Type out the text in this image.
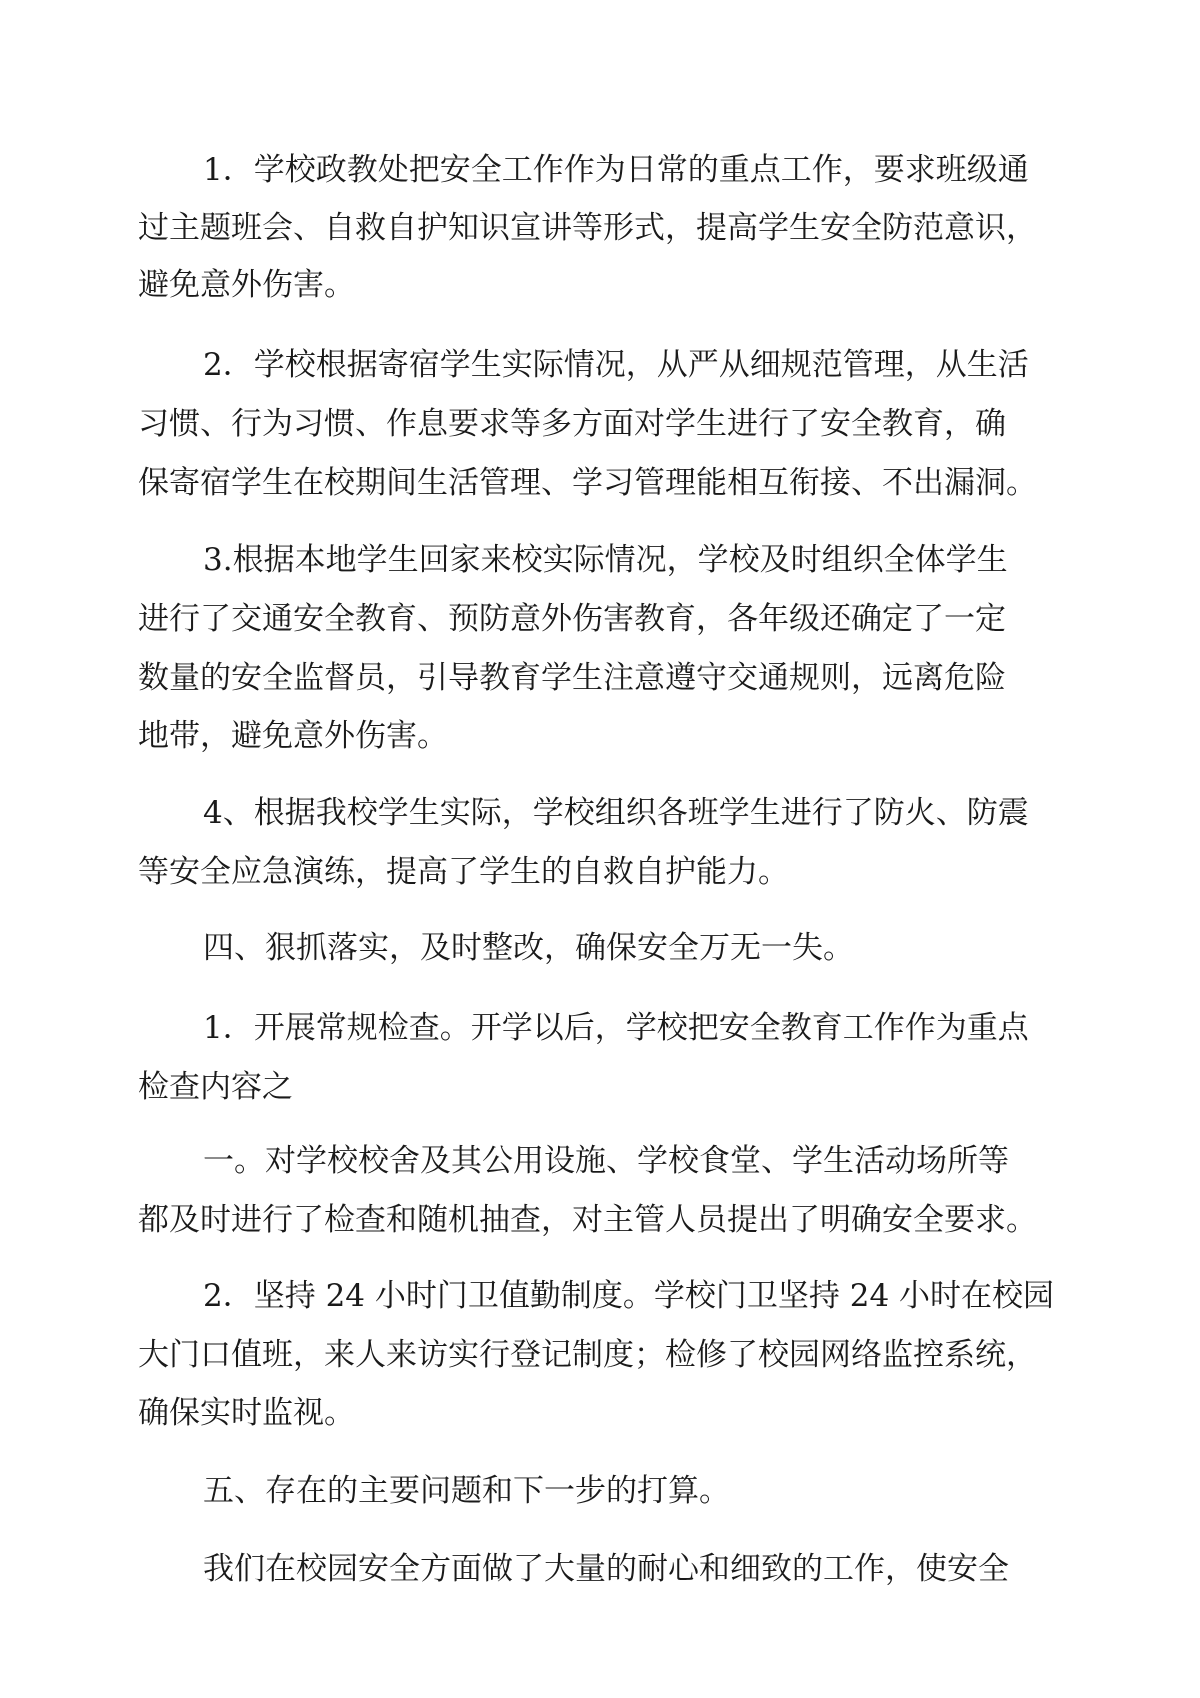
1．学校政教处把安全工作作为日常的重点工作，要求班级通

过主题班会、自救自护知识宣讲等形式，提高学生安全防范意识，

避免意外伤害。

2．学校根据寄宿学生实际情况，从严从细规范管理，从生活

习惯、行为习惯、作息要求等多方面对学生进行了安全教育，确

保寄宿学生在校期间生活管理、学习管理能相互衔接、不出漏洞。

3.根据本地学生回家来校实际情况，学校及时组织全体学生

进行了交通安全教育、预防意外伤害教育，各年级还确定了一定

数量的安全监督员，引导教育学生注意遵守交通规则，远离危险

地带，避免意外伤害。

4、根据我校学生实际，学校组织各班学生进行了防火、防震

等安全应急演练，提高了学生的自救自护能力。

四、狠抓落实，及时整改，确保安全万无一失。

1．开展常规检查。开学以后，学校把安全教育工作作为重点

检查内容之

一。对学校校舍及其公用设施、学校食堂、学生活动场所等

都及时进行了检查和随机抽查，对主管人员提出了明确安全要求。

2．坚持 24 小时门卫值勤制度。学校门卫坚持 24 小时在校园

大门口值班，来人来访实行登记制度；检修了校园网络监控系统，

确保实时监视。

五、存在的主要问题和下一步的打算。

我们在校园安全方面做了大量的耐心和细致的工作，使安全
